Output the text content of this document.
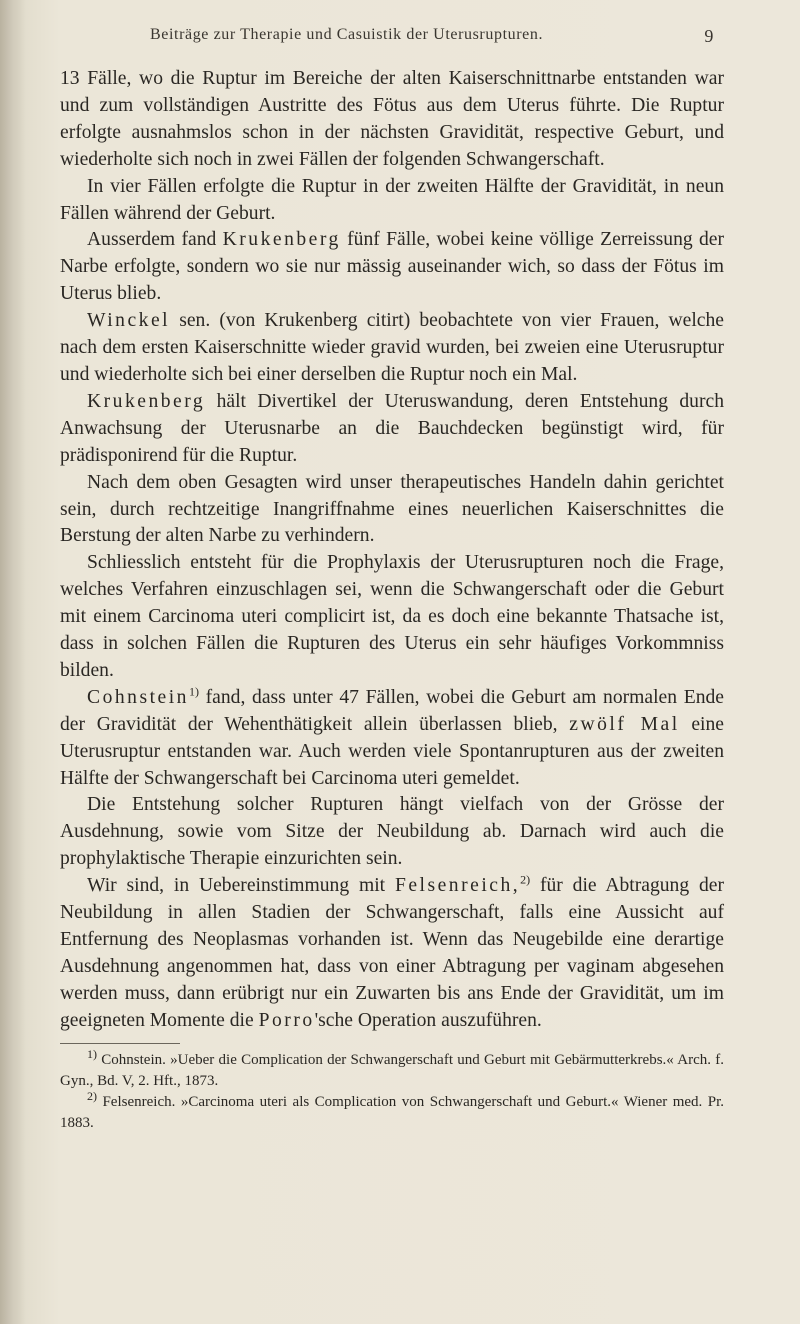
Beiträge zur Therapie und Casuistik der Uterusrupturen.	9

13 Fälle, wo die Ruptur im Bereiche der alten Kaiserschnittnarbe entstanden war und zum vollständigen Austritte des Fötus aus dem Uterus führte. Die Ruptur erfolgte ausnahmslos schon in der nächsten Gravidität, respective Geburt, und wiederholte sich noch in zwei Fällen der folgenden Schwangerschaft.

In vier Fällen erfolgte die Ruptur in der zweiten Hälfte der Gravidität, in neun Fällen während der Geburt.

Ausserdem fand Krukenberg fünf Fälle, wobei keine völlige Zerreissung der Narbe erfolgte, sondern wo sie nur mässig auseinander wich, so dass der Fötus im Uterus blieb.

Winckel sen. (von Krukenberg citirt) beobachtete von vier Frauen, welche nach dem ersten Kaiserschnitte wieder gravid wurden, bei zweien eine Uterusruptur und wiederholte sich bei einer derselben die Ruptur noch ein Mal.

Krukenberg hält Divertikel der Uteruswandung, deren Entstehung durch Anwachsung der Uterusnarbe an die Bauchdecken begünstigt wird, für prädisponirend für die Ruptur.

Nach dem oben Gesagten wird unser therapeutisches Handeln dahin gerichtet sein, durch rechtzeitige Inangriffnahme eines neuerlichen Kaiserschnittes die Berstung der alten Narbe zu verhindern.

Schliesslich entsteht für die Prophylaxis der Uterusrupturen noch die Frage, welches Verfahren einzuschlagen sei, wenn die Schwangerschaft oder die Geburt mit einem Carcinoma uteri complicirt ist, da es doch eine bekannte Thatsache ist, dass in solchen Fällen die Rupturen des Uterus ein sehr häufiges Vorkommniss bilden.

Cohnstein$^{1)}$ fand, dass unter 47 Fällen, wobei die Geburt am normalen Ende der Gravidität der Wehenthätigkeit allein überlassen blieb, zwölf Mal eine Uterusruptur entstanden war. Auch werden viele Spontanrupturen aus der zweiten Hälfte der Schwangerschaft bei Carcinoma uteri gemeldet.

Die Entstehung solcher Rupturen hängt vielfach von der Grösse der Ausdehnung, sowie vom Sitze der Neubildung ab. Darnach wird auch die prophylaktische Therapie einzurichten sein.

Wir sind, in Uebereinstimmung mit Felsenreich,$^{2)}$ für die Abtragung der Neubildung in allen Stadien der Schwangerschaft, falls eine Aussicht auf Entfernung des Neoplasmas vorhanden ist. Wenn das Neugebilde eine derartige Ausdehnung angenommen hat, dass von einer Abtragung per vaginam abgesehen werden muss, dann erübrigt nur ein Zuwarten bis ans Ende der Gravidität, um im geeigneten Momente die Porro'sche Operation auszuführen.

$^{1)}$ Cohnstein. »Ueber die Complication der Schwangerschaft und Geburt mit Gebärmutterkrebs.« Arch. f. Gyn., Bd. V, 2. Hft., 1873.

$^{2)}$ Felsenreich. »Carcinoma uteri als Complication von Schwangerschaft und Geburt.« Wiener med. Pr. 1883.
